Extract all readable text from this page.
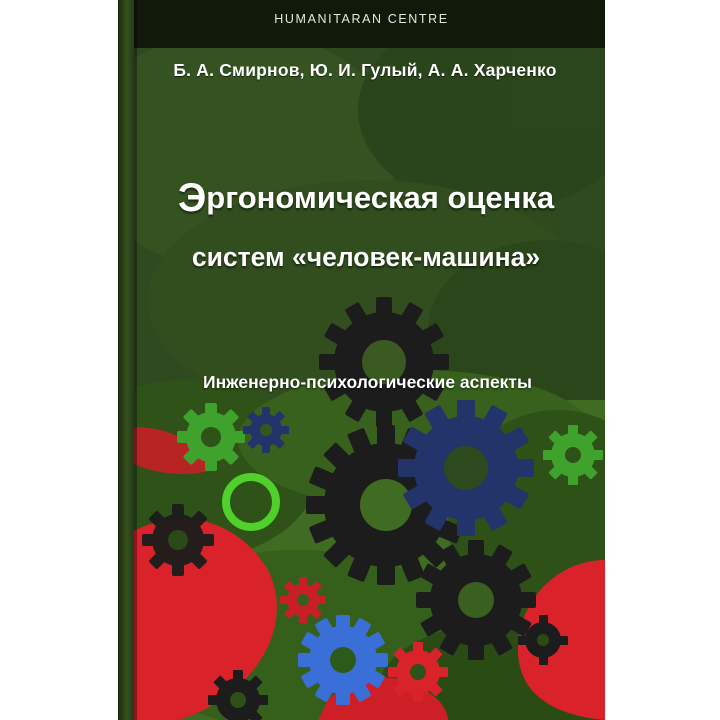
HUMANITARAN CENTRE
Б. А. Смирнов, Ю. И. Гулый, А. А. Харченко
Эргономическая оценка
систем «человек-машина»
Инженерно-психологические аспекты
